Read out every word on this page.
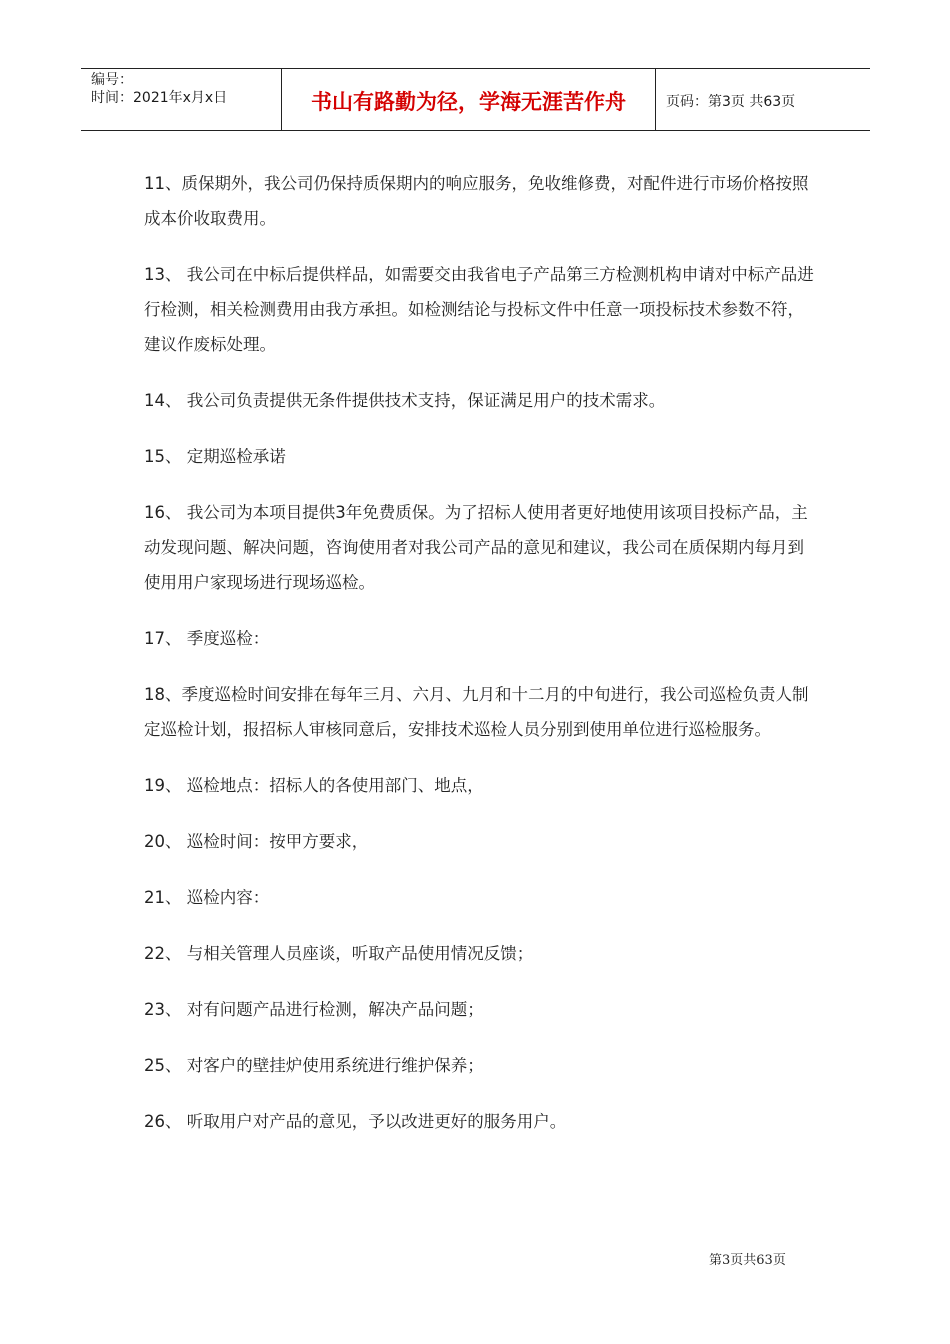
编号：
时间：2021年x月x日	书山有路勤为径，学海无涯苦作舟	页码：第3页 共63页

11、质保期外，我公司仍保持质保期内的响应服务，免收维修费，对配件进行市场价格按照成本价收取费用。

13、 我公司在中标后提供样品，如需要交由我省电子产品第三方检测机构申请对中标产品进行检测，相关检测费用由我方承担。如检测结论与投标文件中任意一项投标技术参数不符，建议作废标处理。

14、 我公司负责提供无条件提供技术支持，保证满足用户的技术需求。

15、 定期巡检承诺

16、 我公司为本项目提供3年免费质保。为了招标人使用者更好地使用该项目投标产品，主动发现问题、解决问题，咨询使用者对我公司产品的意见和建议，我公司在质保期内每月到使用用户家现场进行现场巡检。

17、 季度巡检：

18、季度巡检时间安排在每年三月、六月、九月和十二月的中旬进行，我公司巡检负责人制定巡检计划，报招标人审核同意后，安排技术巡检人员分别到使用单位进行巡检服务。

19、 巡检地点：招标人的各使用部门、地点，

20、 巡检时间：按甲方要求，

21、 巡检内容：

22、 与相关管理人员座谈，听取产品使用情况反馈；

23、 对有问题产品进行检测，解决产品问题；

25、 对客户的壁挂炉使用系统进行维护保养；

26、 听取用户对产品的意见，予以改进更好的服务用户。

第3页共63页
